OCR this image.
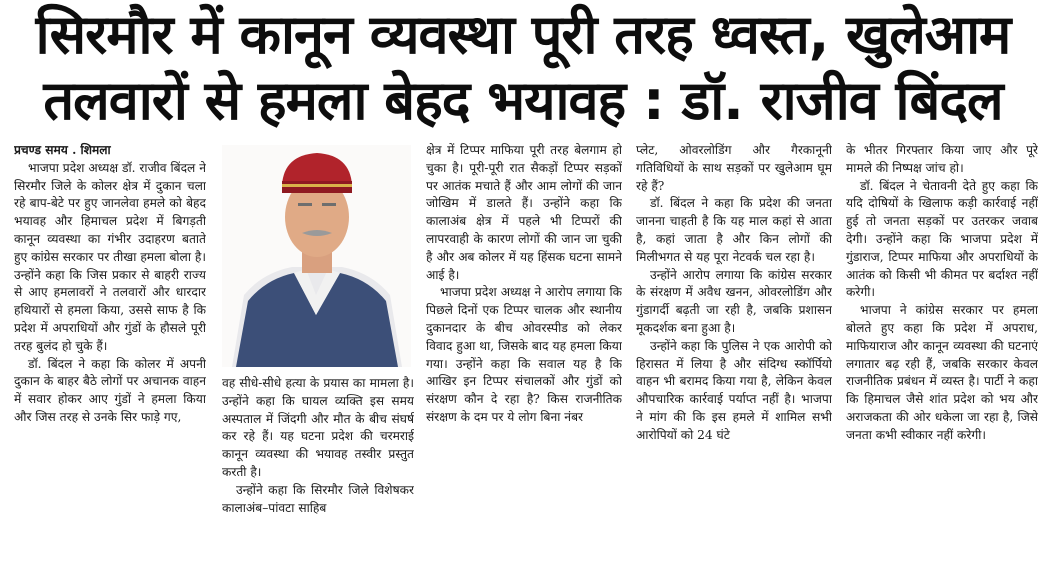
सिरमौर में कानून व्यवस्था पूरी तरह ध्वस्त, खुलेआम
तलवारों से हमला बेहद भयावह : डॉ. राजीव बिंदल

प्रचण्ड समय . शिमला

भाजपा प्रदेश अध्यक्ष डॉ. राजीव बिंदल ने सिरमौर जिले के कोलर क्षेत्र में दुकान चला रहे बाप-बेटे पर हुए जानलेवा हमले को बेहद भयावह और हिमाचल प्रदेश में बिगड़ती कानून व्यवस्था का गंभीर उदाहरण बताते हुए कांग्रेस सरकार पर तीखा हमला बोला है। उन्होंने कहा कि जिस प्रकार से बाहरी राज्य से आए हमलावरों ने तलवारों और धारदार हथियारों से हमला किया, उससे साफ है कि प्रदेश में अपराधियों और गुंडों के हौसले पूरी तरह बुलंद हो चुके हैं।

डॉ. बिंदल ने कहा कि कोलर में अपनी दुकान के बाहर बैठे लोगों पर अचानक वाहन में सवार होकर आए गुंडों ने हमला किया और जिस तरह से उनके सिर फाड़े गए,

वह सीधे-सीधे हत्या के प्रयास का मामला है। उन्होंने कहा कि घायल व्यक्ति इस समय अस्पताल में जिंदगी और मौत के बीच संघर्ष कर रहे हैं। यह घटना प्रदेश की चरमराई कानून व्यवस्था की भयावह तस्वीर प्रस्तुत करती है।

उन्होंने कहा कि सिरमौर जिले विशेषकर कालाअंब–पांवटा साहिब

क्षेत्र में टिप्पर माफिया पूरी तरह बेलगाम हो चुका है। पूरी-पूरी रात सैकड़ों टिप्पर सड़कों पर आतंक मचाते हैं और आम लोगों की जान जोखिम में डालते हैं। उन्होंने कहा कि कालाअंब क्षेत्र में पहले भी टिप्परों की लापरवाही के कारण लोगों की जान जा चुकी है और अब कोलर में यह हिंसक घटना सामने आई है।

भाजपा प्रदेश अध्यक्ष ने आरोप लगाया कि पिछले दिनों एक टिप्पर चालक और स्थानीय दुकानदार के बीच ओवरस्पीड को लेकर विवाद हुआ था, जिसके बाद यह हमला किया गया। उन्होंने कहा कि सवाल यह है कि आखिर इन टिप्पर संचालकों और गुंडों को संरक्षण कौन दे रहा है? किस राजनीतिक संरक्षण के दम पर ये लोग बिना नंबर

प्लेट, ओवरलोडिंग और गैरकानूनी गतिविधियों के साथ सड़कों पर खुलेआम घूम रहे हैं?

डॉ. बिंदल ने कहा कि प्रदेश की जनता जानना चाहती है कि यह माल कहां से आता है, कहां जाता है और किन लोगों की मिलीभगत से यह पूरा नेटवर्क चल रहा है।

उन्होंने आरोप लगाया कि कांग्रेस सरकार के संरक्षण में अवैध खनन, ओवरलोडिंग और गुंडागर्दी बढ़ती जा रही है, जबकि प्रशासन मूकदर्शक बना हुआ है।

उन्होंने कहा कि पुलिस ने एक आरोपी को हिरासत में लिया है और संदिग्ध स्कॉर्पियो वाहन भी बरामद किया गया है, लेकिन केवल औपचारिक कार्रवाई पर्याप्त नहीं है। भाजपा ने मांग की कि इस हमले में शामिल सभी आरोपियों को 24 घंटे

के भीतर गिरफ्तार किया जाए और पूरे मामले की निष्पक्ष जांच हो।

डॉ. बिंदल ने चेतावनी देते हुए कहा कि यदि दोषियों के खिलाफ कड़ी कार्रवाई नहीं हुई तो जनता सड़कों पर उतरकर जवाब देगी। उन्होंने कहा कि भाजपा प्रदेश में गुंडाराज, टिप्पर माफिया और अपराधियों के आतंक को किसी भी कीमत पर बर्दाश्त नहीं करेगी।

भाजपा ने कांग्रेस सरकार पर हमला बोलते हुए कहा कि प्रदेश में अपराध, माफियाराज और कानून व्यवस्था की घटनाएं लगातार बढ़ रही हैं, जबकि सरकार केवल राजनीतिक प्रबंधन में व्यस्त है। पार्टी ने कहा कि हिमाचल जैसे शांत प्रदेश को भय और अराजकता की ओर धकेला जा रहा है, जिसे जनता कभी स्वीकार नहीं करेगी।
